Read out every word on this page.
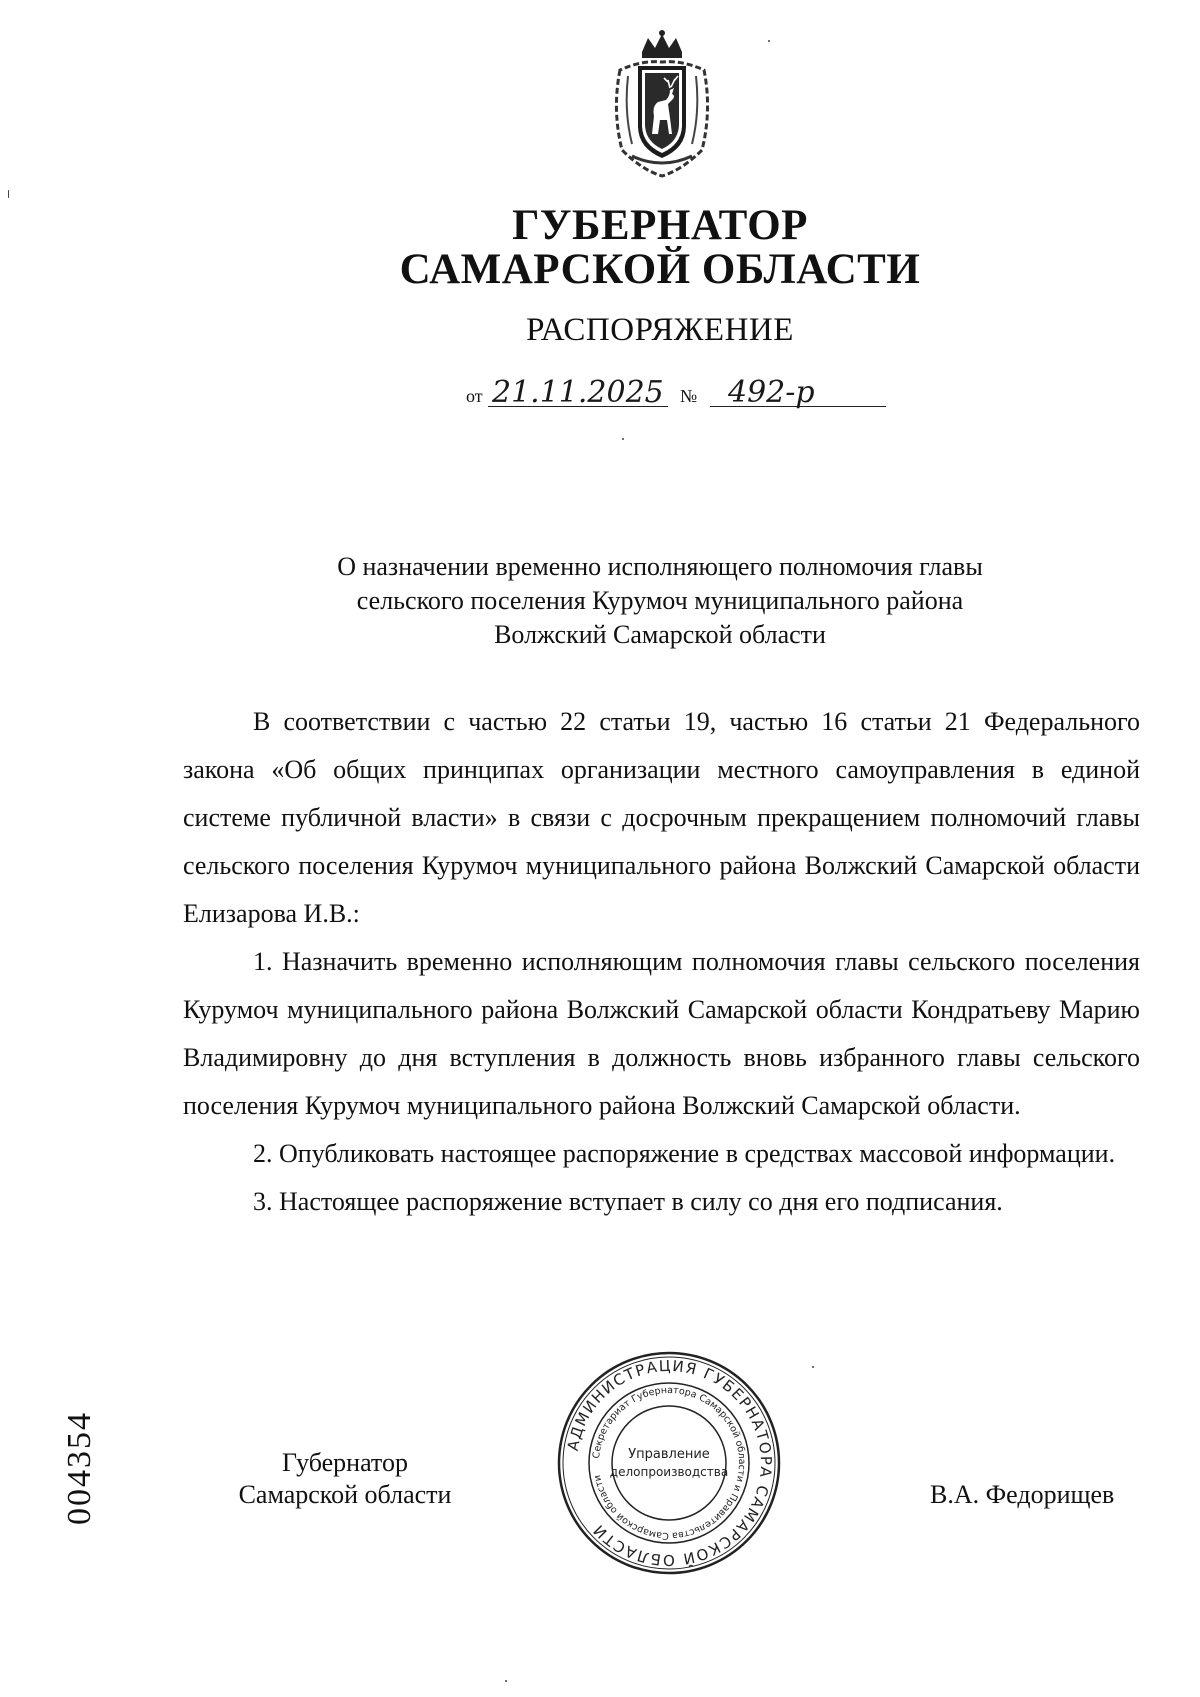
ГУБЕРНАТОР
САМАРСКОЙ ОБЛАСТИ
РАСПОРЯЖЕНИЕ
от	№
21.11.2025 492-р
О назначении временно исполняющего полномочия главы
сельского поселения Курумоч муниципального района
Волжский Самарской области

В соответствии с частью 22 статьи 19, частью 16 статьи 21 Федерального закона «Об общих принципах организации местного самоуправления в единой системе публичной власти» в связи с досрочным прекращением полномочий главы сельского поселения Курумоч муниципального района Волжский Самарской области Елизарова И.В.:

1. Назначить временно исполняющим полномочия главы сельского поселения Курумоч муниципального района Волжский Самарской области Кондратьеву Марию Владимировну до дня вступления в должность вновь избранного главы сельского поселения Курумоч муниципального района Волжский Самарской области.

2. Опубликовать настоящее распоряжение в средствах массовой информации.

3. Настоящее распоряжение вступает в силу со дня его подписания.

Губернатор
Самарской области	В.А. Федорищев
АДМИНИСТРАЦИЯ ГУБЕРНАТОРА САМАРСКОЙ ОБЛАСТИ
Секретариат Губернатора Самарской области и Правительства Самарской области
Управление
делопроизводства
004354
